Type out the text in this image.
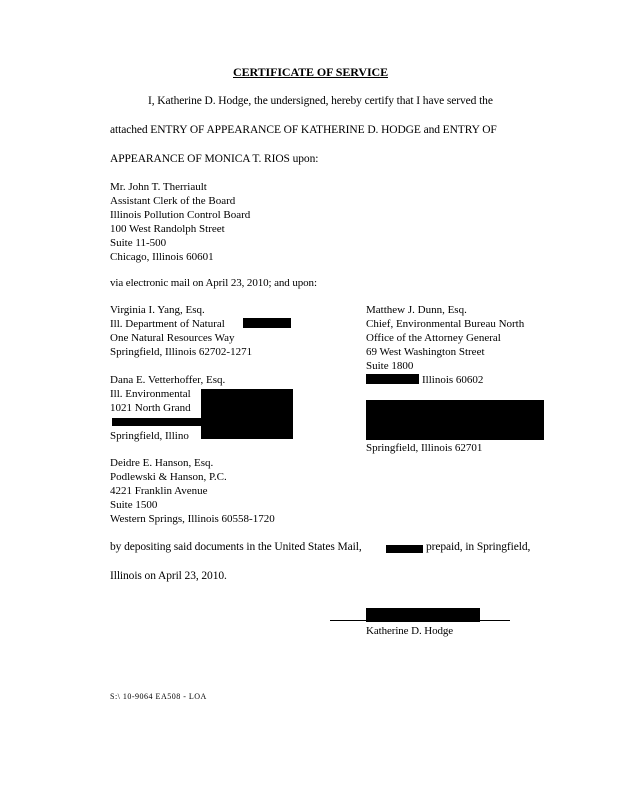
CERTIFICATE OF SERVICE
I, Katherine D. Hodge, the undersigned, hereby certify that I have served the
attached ENTRY OF APPEARANCE OF KATHERINE D. HODGE and ENTRY OF
APPEARANCE OF MONICA T. RIOS upon:
Mr. John T. Therriault
Assistant Clerk of the Board
Illinois Pollution Control Board
100 West Randolph Street
Suite 11-500
Chicago, Illinois 60601
via electronic mail on April 23, 2010; and upon:
Virginia I. Yang, Esq.
Ill. Department of Natural
One Natural Resources Way
Springfield, Illinois 62702-1271
Matthew J. Dunn, Esq.
Chief, Environmental Bureau North
Office of the Attorney General
69 West Washington Street
Suite 1800
Illinois 60602
Dana E. Vetterhoffer, Esq.
Ill. Environmental
1021 North Grand
Springfield, Illino
Springfield, Illinois 62701
Deidre E. Hanson, Esq.
Podlewski & Hanson, P.C.
4221 Franklin Avenue
Suite 1500
Western Springs, Illinois 60558-1720
by depositing said documents in the United States Mail,	prepaid, in Springfield,
Illinois on April 23, 2010.
Katherine D. Hodge
S:\ 10-9064 EA508 - LOA
